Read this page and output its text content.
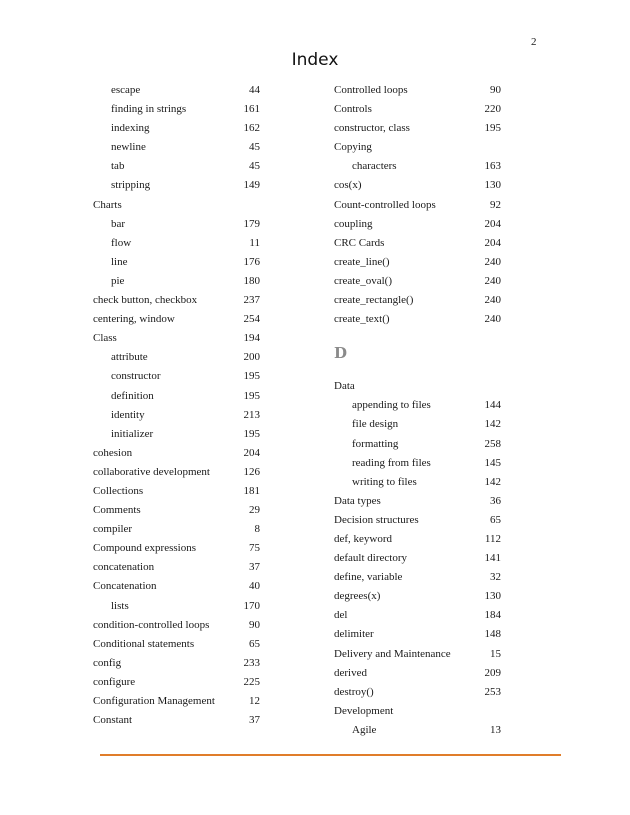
2
Index
escape	44
finding in strings	161
indexing	162
newline	45
tab	45
stripping	149
Charts
bar	179
flow	11
line	176
pie	180
check button, checkbox	237
centering, window	254
Class	194
attribute	200
constructor	195
definition	195
identity	213
initializer	195
cohesion	204
collaborative development	126
Collections	181
Comments	29
compiler	8
Compound expressions	75
concatenation	37
Concatenation	40
lists	170
condition-controlled loops	90
Conditional statements	65
config	233
configure	225
Configuration Management	12
Constant	37
Controlled loops	90
Controls	220
constructor, class	195
Copying
characters	163
cos(x)	130
Count-controlled loops	92
coupling	204
CRC Cards	204
create_line()	240
create_oval()	240
create_rectangle()	240
create_text()	240
D
Data
appending to files	144
file design	142
formatting	258
reading from files	145
writing to files	142
Data types	36
Decision structures	65
def, keyword	112
default directory	141
define, variable	32
degrees(x)	130
del	184
delimiter	148
Delivery and Maintenance	15
derived	209
destroy()	253
Development
Agile	13
